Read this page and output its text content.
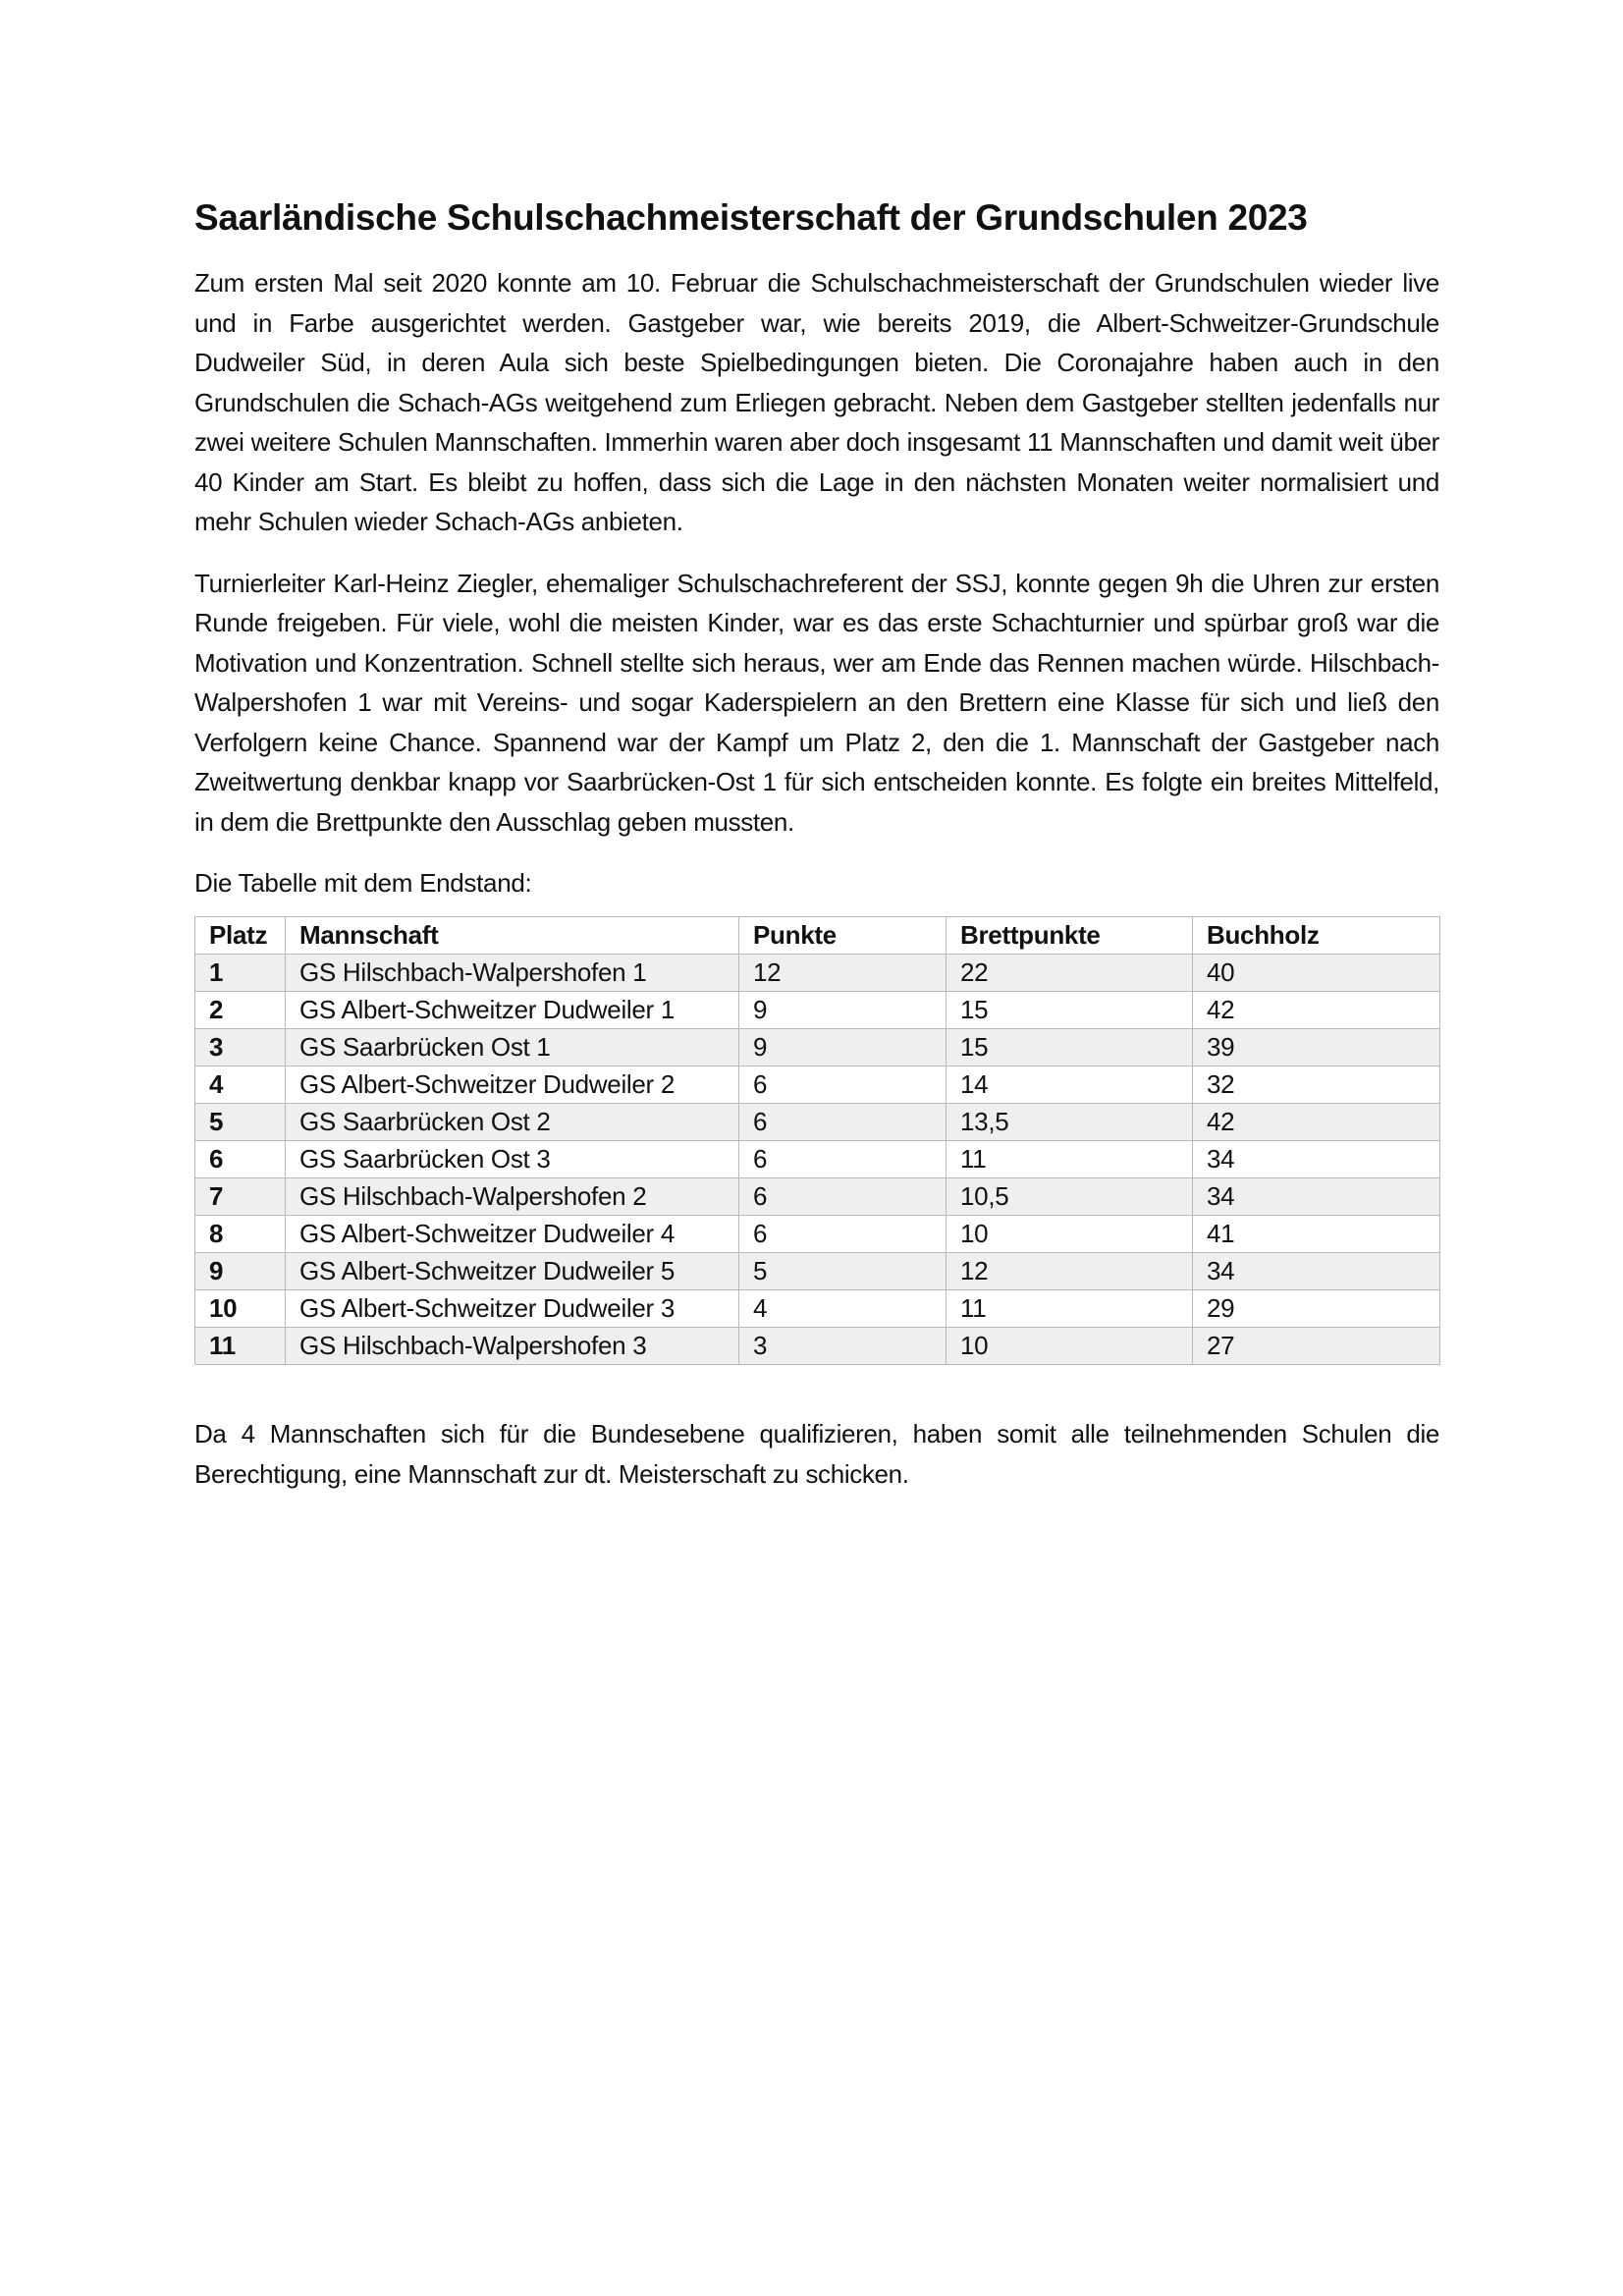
Saarländische Schulschachmeisterschaft der Grundschulen 2023

Zum ersten Mal seit 2020 konnte am 10. Februar die Schulschachmeisterschaft der Grundschulen wieder live und in Farbe ausgerichtet werden. Gastgeber war, wie bereits 2019, die Albert-Schweitzer-Grundschule Dudweiler Süd, in deren Aula sich beste Spielbedingungen bieten. Die Coronajahre haben auch in den Grundschulen die Schach-AGs weitgehend zum Erliegen gebracht. Neben dem Gastgeber stellten jedenfalls nur zwei weitere Schulen Mannschaften. Immerhin waren aber doch insgesamt 11 Mannschaften und damit weit über 40 Kinder am Start. Es bleibt zu hoffen, dass sich die Lage in den nächsten Monaten weiter normalisiert und mehr Schulen wieder Schach-AGs anbieten.

Turnierleiter Karl-Heinz Ziegler, ehemaliger Schulschachreferent der SSJ, konnte gegen 9h die Uhren zur ersten Runde freigeben. Für viele, wohl die meisten Kinder, war es das erste Schachturnier und spürbar groß war die Motivation und Konzentration. Schnell stellte sich heraus, wer am Ende das Rennen machen würde. Hilschbach-Walpershofen 1 war mit Vereins- und sogar Kaderspielern an den Brettern eine Klasse für sich und ließ den Verfolgern keine Chance. Spannend war der Kampf um Platz 2, den die 1. Mannschaft der Gastgeber nach Zweitwertung denkbar knapp vor Saarbrücken-Ost 1 für sich entscheiden konnte. Es folgte ein breites Mittelfeld, in dem die Brettpunkte den Ausschlag geben mussten.

Die Tabelle mit dem Endstand:

Platz	Mannschaft	Punkte	Brettpunkte	Buchholz
1	GS Hilschbach-Walpershofen 1	12	22	40
2	GS Albert-Schweitzer Dudweiler 1	9	15	42
3	GS Saarbrücken Ost 1	9	15	39
4	GS Albert-Schweitzer Dudweiler 2	6	14	32
5	GS Saarbrücken Ost 2	6	13,5	42
6	GS Saarbrücken Ost 3	6	11	34
7	GS Hilschbach-Walpershofen 2	6	10,5	34
8	GS Albert-Schweitzer Dudweiler 4	6	10	41
9	GS Albert-Schweitzer Dudweiler 5	5	12	34
10	GS Albert-Schweitzer Dudweiler 3	4	11	29
11	GS Hilschbach-Walpershofen 3	3	10	27

Da 4 Mannschaften sich für die Bundesebene qualifizieren, haben somit alle teilnehmenden Schulen die Berechtigung, eine Mannschaft zur dt. Meisterschaft zu schicken.
